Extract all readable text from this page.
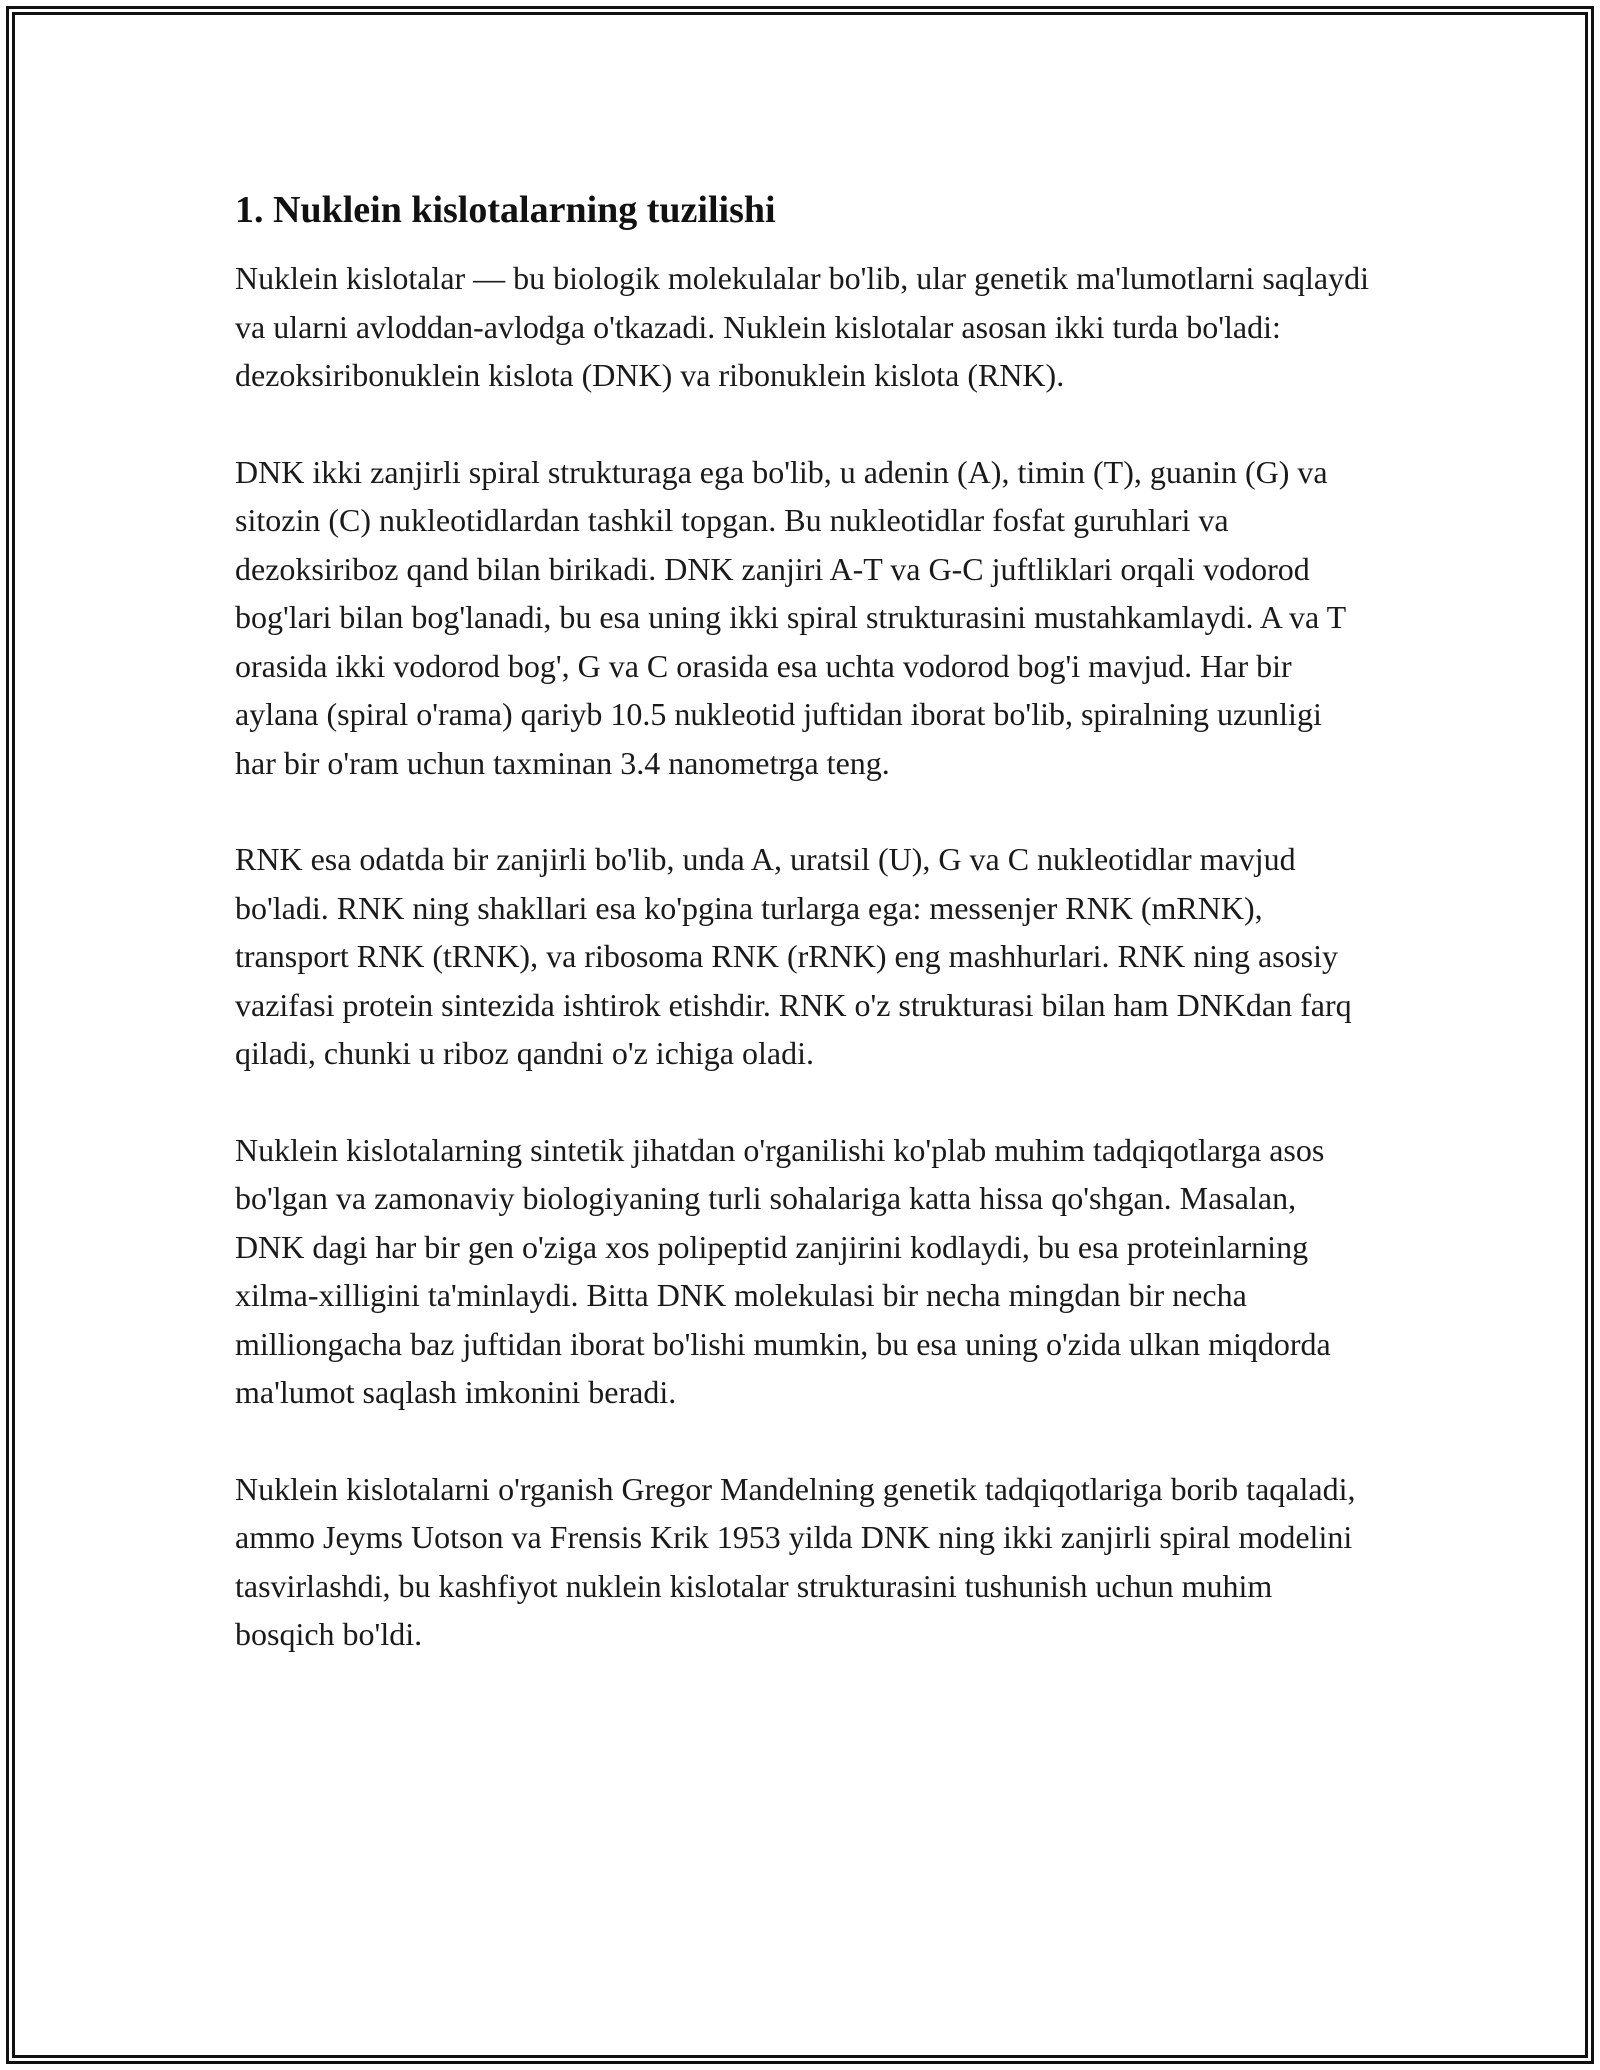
1. Nuklein kislotalarning tuzilishi

Nuklein kislotalar — bu biologik molekulalar bo'lib, ular genetik ma'lumotlarni saqlaydi va ularni avloddan-avlodga o'tkazadi. Nuklein kislotalar asosan ikki turda bo'ladi: dezoksiribonuklein kislota (DNK) va ribonuklein kislota (RNK).

DNK ikki zanjirli spiral strukturaga ega bo'lib, u adenin (A), timin (T), guanin (G) va sitozin (C) nukleotidlardan tashkil topgan. Bu nukleotidlar fosfat guruhlari va dezoksiriboz qand bilan birikadi. DNK zanjiri A-T va G-C juftliklari orqali vodorod bog'lari bilan bog'lanadi, bu esa uning ikki spiral strukturasini mustahkamlaydi. A va T orasida ikki vodorod bog', G va C orasida esa uchta vodorod bog'i mavjud. Har bir aylana (spiral o'rama) qariyb 10.5 nukleotid juftidan iborat bo'lib, spiralning uzunligi har bir o'ram uchun taxminan 3.4 nanometrga teng.

RNK esa odatda bir zanjirli bo'lib, unda A, uratsil (U), G va C nukleotidlar mavjud bo'ladi. RNK ning shakllari esa ko'pgina turlarga ega: messenjer RNK (mRNK), transport RNK (tRNK), va ribosoma RNK (rRNK) eng mashhurlari. RNK ning asosiy vazifasi protein sintezida ishtirok etishdir. RNK o'z strukturasi bilan ham DNKdan farq qiladi, chunki u riboz qandni o'z ichiga oladi.

Nuklein kislotalarning sintetik jihatdan o'rganilishi ko'plab muhim tadqiqotlarga asos bo'lgan va zamonaviy biologiyaning turli sohalariga katta hissa qo'shgan. Masalan, DNK dagi har bir gen o'ziga xos polipeptid zanjirini kodlaydi, bu esa proteinlarning xilma-xilligini ta'minlaydi. Bitta DNK molekulasi bir necha mingdan bir necha milliongacha baz juftidan iborat bo'lishi mumkin, bu esa uning o'zida ulkan miqdorda ma'lumot saqlash imkonini beradi.

Nuklein kislotalarni o'rganish Gregor Mandelning genetik tadqiqotlariga borib taqaladi, ammo Jeyms Uotson va Frensis Krik 1953 yilda DNK ning ikki zanjirli spiral modelini tasvirlashdi, bu kashfiyot nuklein kislotalar strukturasini tushunish uchun muhim bosqich bo'ldi.
